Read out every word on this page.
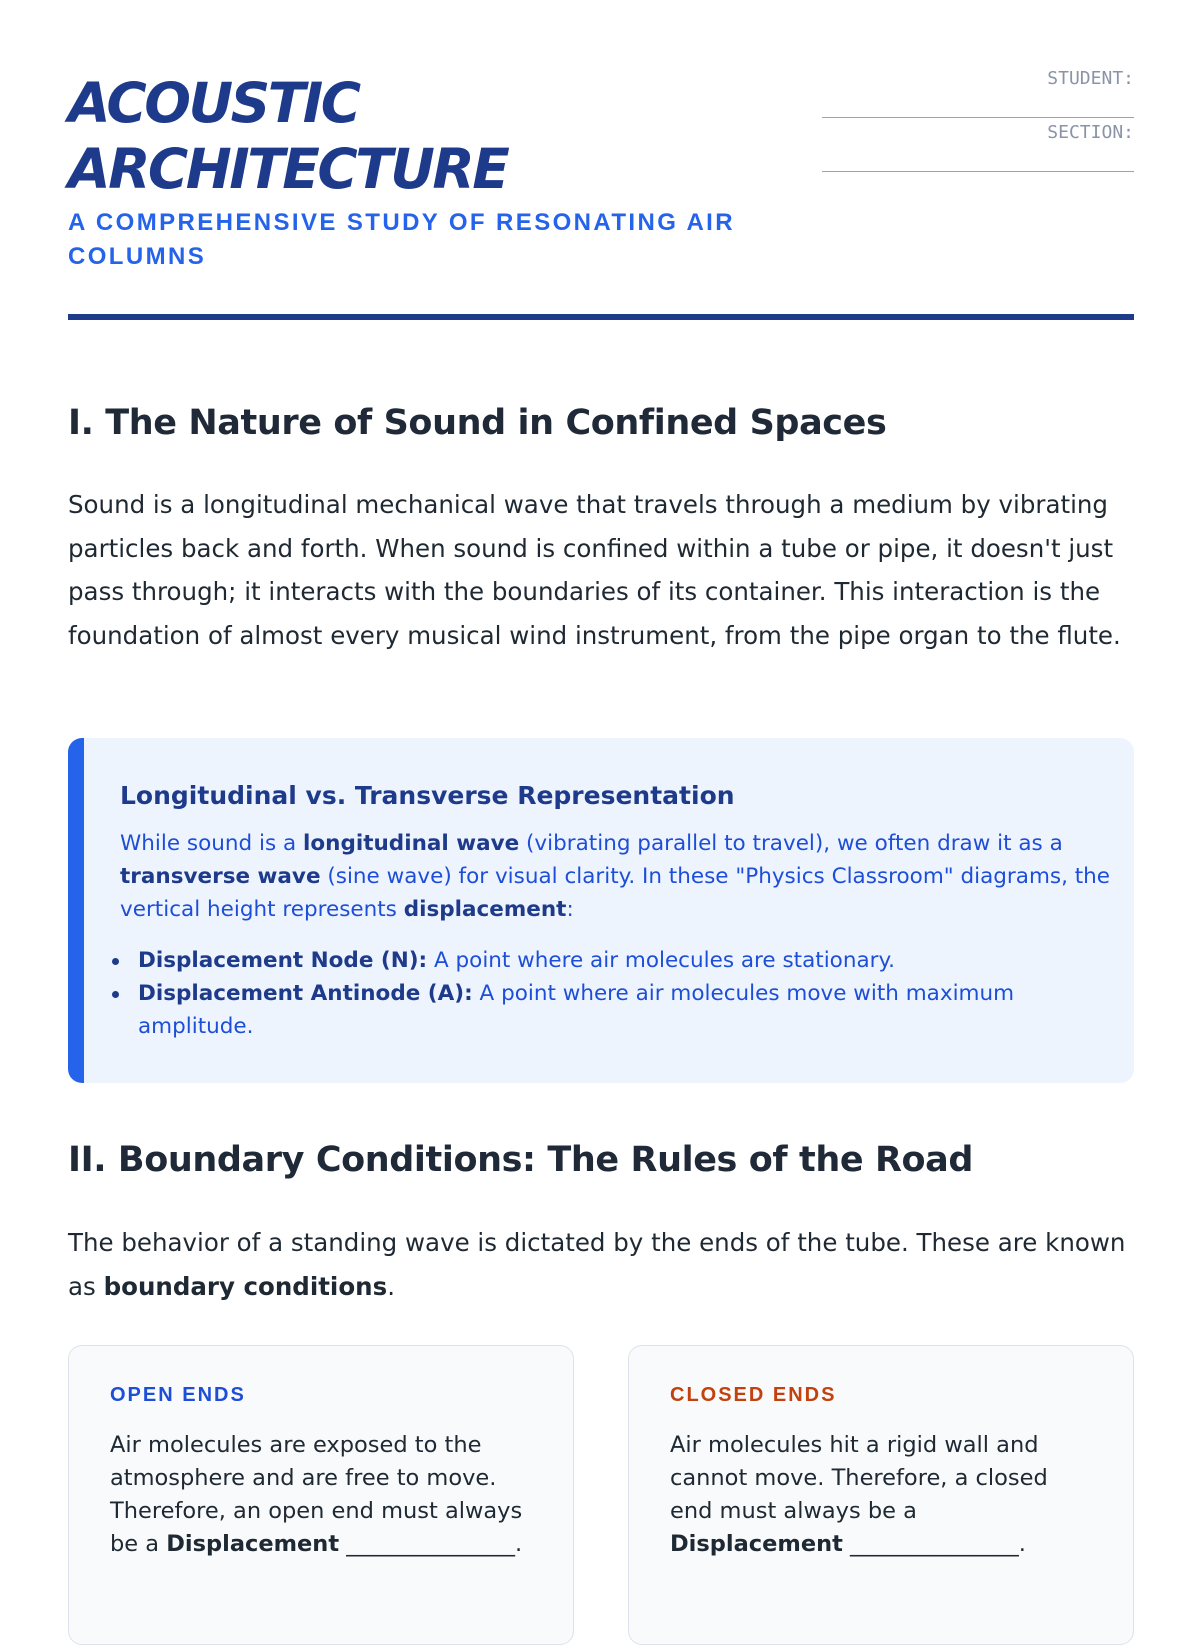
ACOUSTIC
ARCHITECTURE

A COMPREHENSIVE STUDY OF RESONATING AIR COLUMNS

STUDENT:
SECTION:
I. The Nature of Sound in Confined Spaces

Sound is a longitudinal mechanical wave that travels through a medium by vibrating particles back and forth. When sound is confined within a tube or pipe, it doesn't just pass through; it interacts with the boundaries of its container. This interaction is the foundation of almost every musical wind instrument, from the pipe organ to the flute.

Longitudinal vs. Transverse Representation

While sound is a longitudinal wave (vibrating parallel to travel), we often draw it as a transverse wave (sine wave) for visual clarity. In these "Physics Classroom" diagrams, the vertical height represents displacement:

Displacement Node (N): A point where air molecules are stationary.
Displacement Antinode (A): A point where air molecules move with maximum amplitude.
II. Boundary Conditions: The Rules of the Road

The behavior of a standing wave is dictated by the ends of the tube. These are known as boundary conditions.

OPEN ENDS

Air molecules are exposed to the atmosphere and are free to move. Therefore, an open end must always be a Displacement _______________.

CLOSED ENDS

Air molecules hit a rigid wall and cannot move. Therefore, a closed end must always be a Displacement _______________.
